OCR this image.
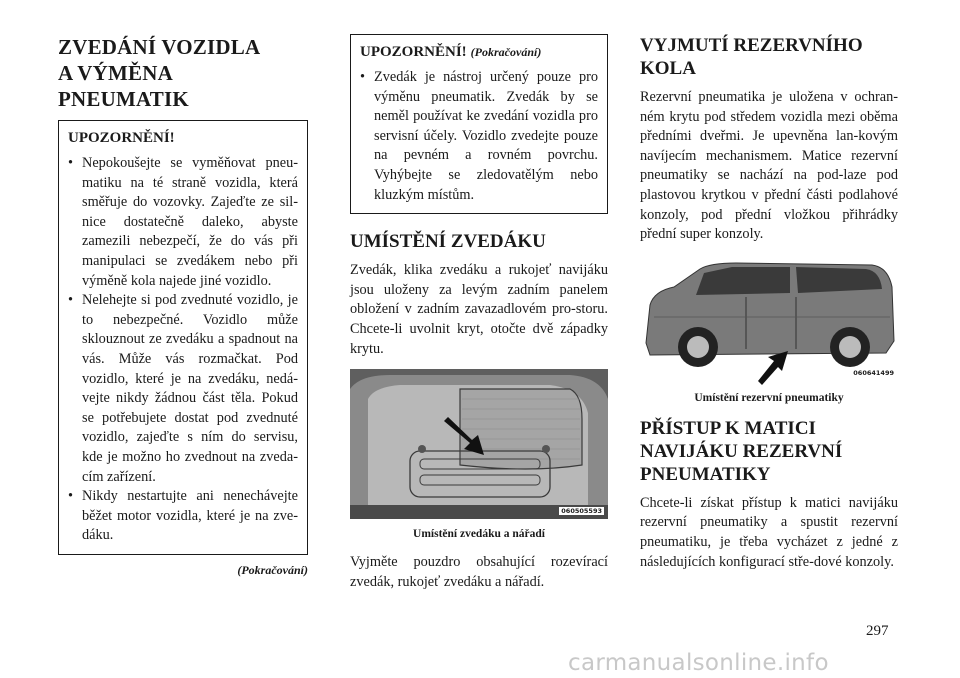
ZVEDÁNÍ VOZIDLA
A VÝMĚNA PNEUMATIK
UPOZORNĚNÍ!
• Nepokoušejte se vyměňovat pneu-matiku na té straně vozidla, která směřuje do vozovky. Zajeďte ze sil-nice dostatečně daleko, abyste zamezili nebezpečí, že do vás při manipulaci se zvedákem nebo při výměně kola najede jiné vozidlo.
• Nelehejte si pod zvednuté vozidlo, je to nebezpečné. Vozidlo může sklouznout ze zvedáku a spadnout na vás. Může vás rozmačkat. Pod vozidlo, které je na zvedáku, nedá-vejte nikdy žádnou část těla. Pokud se potřebujete dostat pod zvednuté vozidlo, zajeďte s ním do servisu, kde je možno ho zvednout na zveda-cím zařízení.
• Nikdy nestartujte ani nenechávejte běžet motor vozidla, které je na zve-dáku.
(Pokračování)
UPOZORNĚNÍ! (Pokračování)
• Zvedák je nástroj určený pouze pro výměnu pneumatik. Zvedák by se neměl používat ke zvedání vozidla pro servisní účely. Vozidlo zvedejte pouze na pevném a rovném povrchu. Vyhýbejte se zledovatělým nebo kluzkým místům.
UMÍSTĚNÍ ZVEDÁKU

Zvedák, klika zvedáku a rukojeť navijáku jsou uloženy za levým zadním panelem obložení v zadním zavazadlovém pro-storu. Chcete-li uvolnit kryt, otočte dvě západky krytu.

060505593
Umístění zvedáku a nářadí

Vyjměte pouzdro obsahující rozevírací zvedák, rukojeť zvedáku a nářadí.

VYJMUTÍ REZERVNÍHO
KOLA

Rezervní pneumatika je uložena v ochran-ném krytu pod středem vozidla mezi oběma předními dveřmi. Je upevněna lan-kovým navíjecím mechanismem. Matice rezervní pneumatiky se nachází na pod-laze pod plastovou krytkou v přední části podlahové konzoly, pod přední vložkou přihrádky přední super konzoly.

060641499
Umístění rezervní pneumatiky
PŘÍSTUP K MATICI
NAVIJÁKU REZERVNÍ
PNEUMATIKY

Chcete-li získat přístup k matici navijáku rezervní pneumatiky a spustit rezervní pneumatiku, je třeba vycházet z jedné z následujících konfigurací stře-dové konzoly.

297
carmanualsonline.info
